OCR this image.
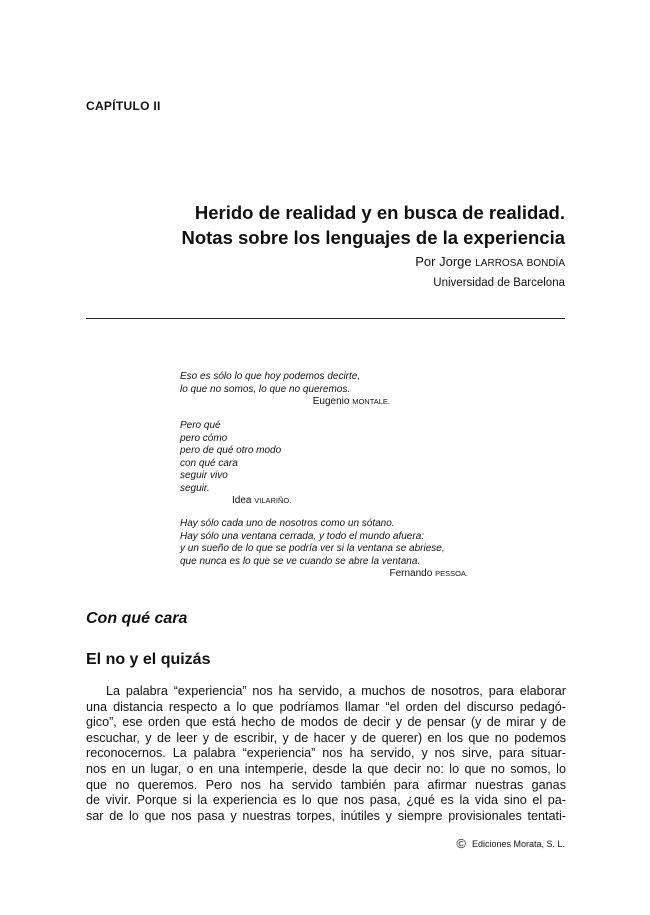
CAPÍTULO II
Herido de realidad y en busca de realidad.
Notas sobre los lenguajes de la experiencia
Por Jorge LARROSA BONDÍA
Universidad de Barcelona
Eso es sólo lo que hoy podemos decirte,
lo que no somos, lo que no queremos.
Eugenio MONTALE.
Pero qué
pero cómo
pero de qué otro modo
con qué cara
seguir vivo
seguir.
Idea VILARIÑO.
Hay sólo cada uno de nosotros como un sótano.
Hay sólo una ventana cerrada, y todo el mundo afuera:
y un sueño de lo que se podría ver si la ventana se abriese,
que nunca es lo que se ve cuando se abre la ventana.
Fernando PESSOA.
Con qué cara
El no y el quizás
La palabra “experiencia” nos ha servido, a muchos de nosotros, para elaborar
una distancia respecto a lo que podríamos llamar “el orden del discurso pedagó-
gico”, ese orden que está hecho de modos de decir y de pensar (y de mirar y de
escuchar, y de leer y de escribir, y de hacer y de querer) en los que no podemos
reconocernos. La palabra “experiencia” nos ha servido, y nos sirve, para situar-
nos en un lugar, o en una intemperie, desde la que decir no: lo que no somos, lo
que no queremos. Pero nos ha servido también para afirmar nuestras ganas
de vivir. Porque si la experiencia es lo que nos pasa, ¿qué es la vida sino el pa-
sar de lo que nos pasa y nuestras torpes, inútiles y siempre provisionales tentati-
© Ediciones Morata, S. L.
